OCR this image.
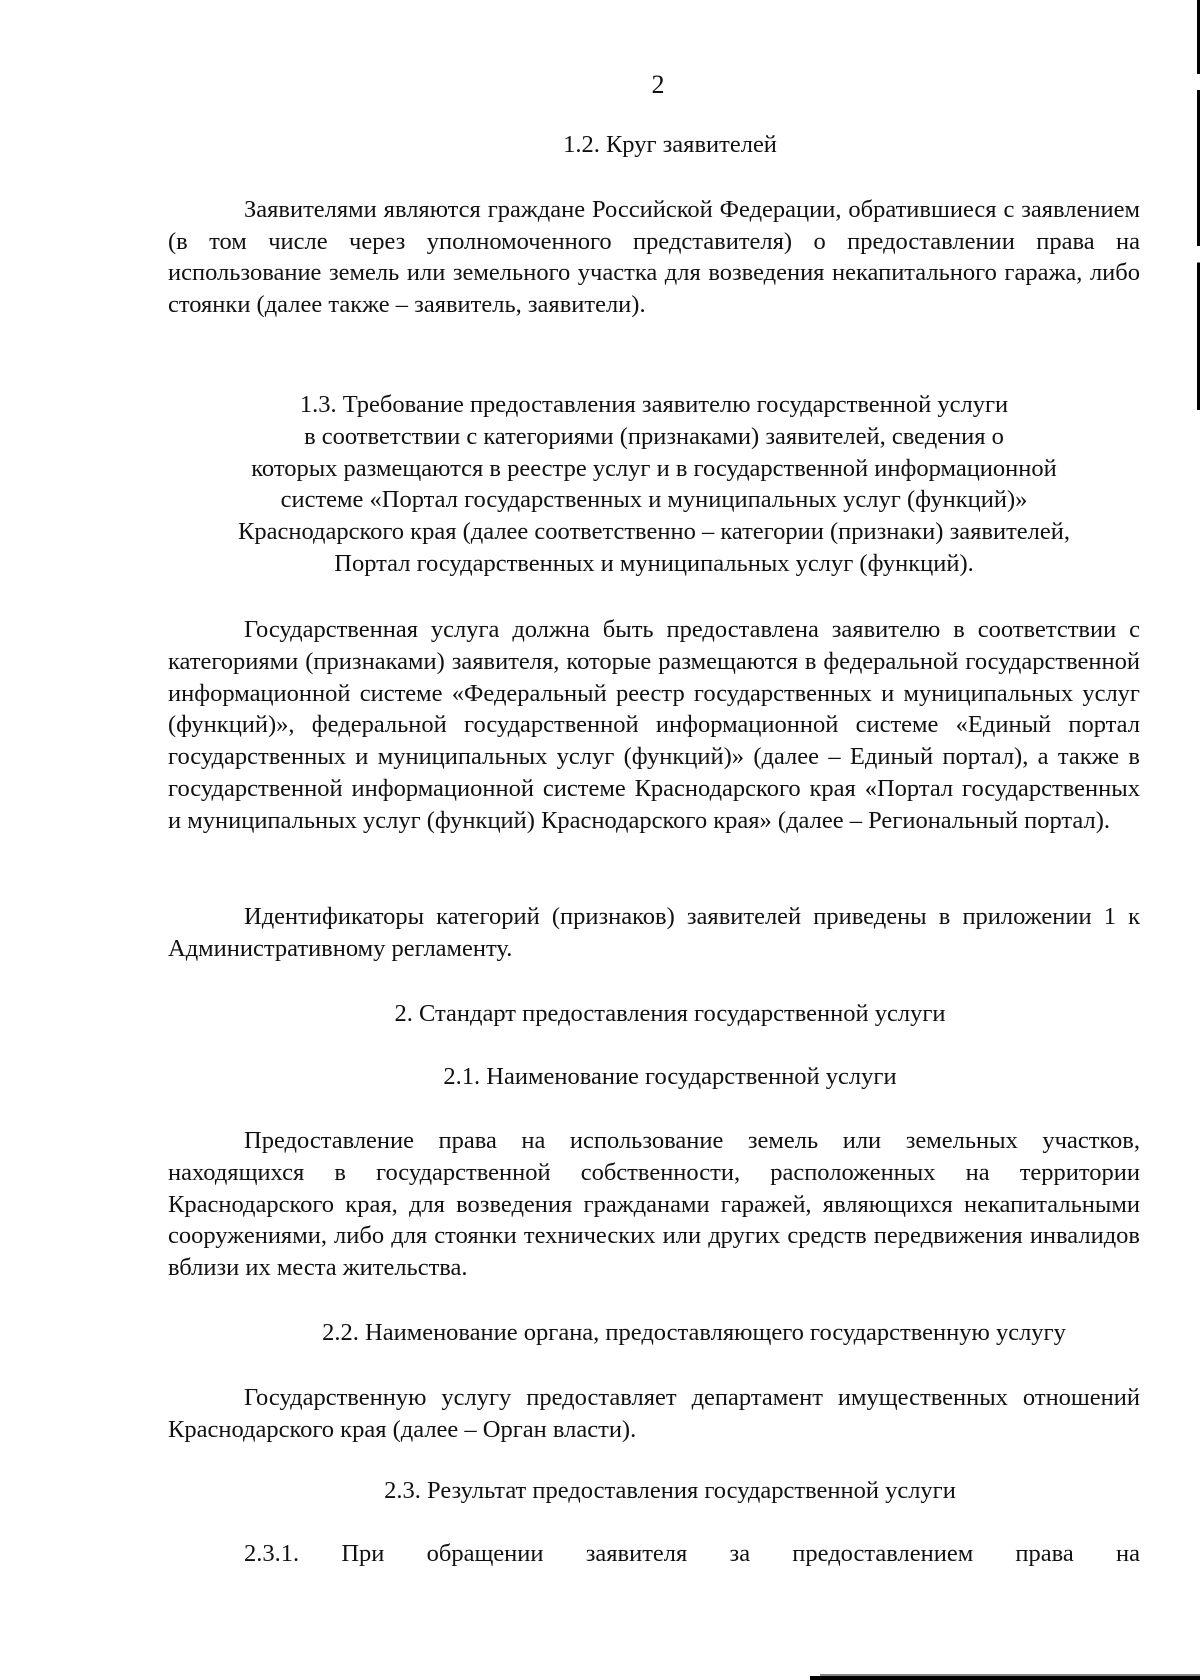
2
1.2. Круг заявителей
Заявителями являются граждане Российской Федерации, обратившиеся с заявлением (в том числе через уполномоченного представителя) о предоставлении права на использование земель или земельного участка для возведения некапитального гаража, либо стоянки (далее также – заявитель, заявители).
1.3. Требование предоставления заявителю государственной услуги
в соответствии с категориями (признаками) заявителей, сведения о
которых размещаются в реестре услуг и в государственной информационной
системе «Портал государственных и муниципальных услуг (функций)»
Краснодарского края (далее соответственно – категории (признаки) заявителей,
Портал государственных и муниципальных услуг (функций).
Государственная услуга должна быть предоставлена заявителю в соответствии с категориями (признаками) заявителя, которые размещаются в федеральной государственной информационной системе «Федеральный реестр государственных и муниципальных услуг (функций)», федеральной государственной информационной системе «Единый портал государственных и муниципальных услуг (функций)» (далее – Единый портал), а также в государственной информационной системе Краснодарского края «Портал государственных и муниципальных услуг (функций) Краснодарского края» (далее – Региональный портал).
Идентификаторы категорий (признаков) заявителей приведены в приложении 1 к Административному регламенту.
2. Стандарт предоставления государственной услуги
2.1. Наименование государственной услуги
Предоставление права на использование земель или земельных участков, находящихся в государственной собственности, расположенных на территории Краснодарского края, для возведения гражданами гаражей, являющихся некапитальными сооружениями, либо для стоянки технических или других средств передвижения инвалидов вблизи их места жительства.
2.2. Наименование органа, предоставляющего государственную услугу
Государственную услугу предоставляет департамент имущественных отношений Краснодарского края (далее – Орган власти).
2.3. Результат предоставления государственной услуги
2.3.1. При обращении заявителя за предоставлением права на
